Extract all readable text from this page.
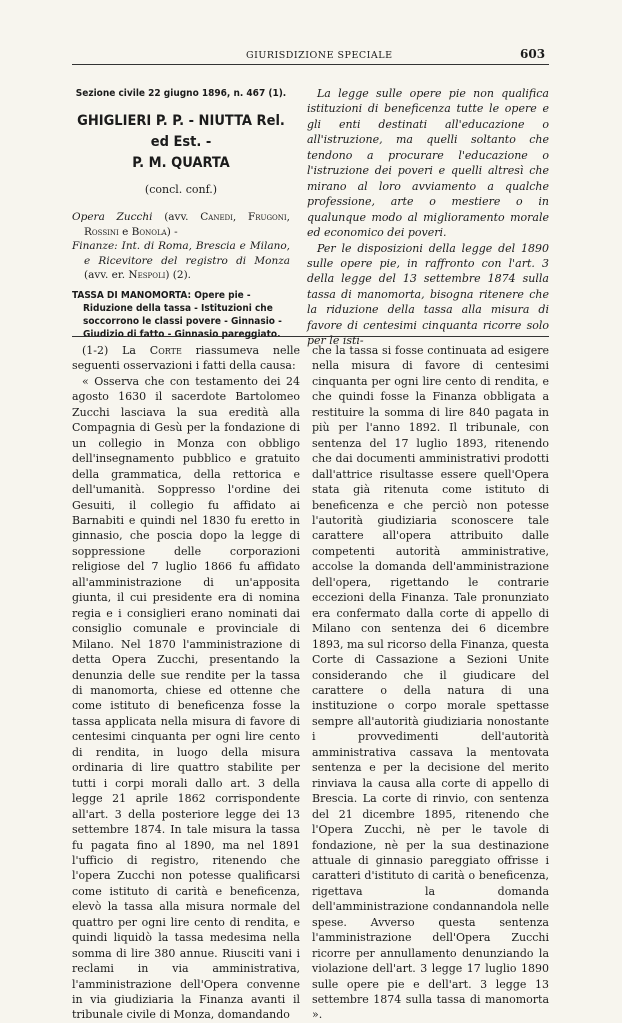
GIURISDIZIONE SPECIALE	603

Sezione civile 22 giugno 1896, n. 467 (1).

GHIGLIERI P. P. - NIUTTA Rel. ed Est. -
P. M. QUARTA

(concl. conf.)

Opera Zucchi (avv. Canedi, Frugoni, Rossini e Bonola) -

Finanze: Int. di Roma, Brescia e Milano, e Ricevitore del registro di Monza (avv. er. Nespoli) (2).

TASSA DI MANOMORTA: Opere pie - Riduzione della tassa - Istituzioni che soccorrono le classi povere - Ginnasio - Giudizio di fatto - Ginnasio pareggiato.

La legge sulle opere pie non qualifica istituzioni di beneficenza tutte le opere e gli enti destinati all'educazione o all'istruzione, ma quelli soltanto che tendono a procurare l'educazione o l'istruzione dei poveri e quelli altresì che mirano al loro avviamento a qualche professione, arte o mestiere o in qualunque modo al miglioramento morale ed economico dei poveri.

Per le disposizioni della legge del 1890 sulle opere pie, in raffronto con l'art. 3 della legge del 13 settembre 1874 sulla tassa di manomorta, bisogna ritenere che la riduzione della tassa alla misura di favore di centesimi cinquanta ricorre solo per le isti-

(1-2) La Corte riassumeva nelle seguenti osservazioni i fatti della causa:

« Osserva che con testamento dei 24 agosto 1630 il sacerdote Bartolomeo Zucchi lasciava la sua eredità alla Compagnia di Gesù per la fondazione di un collegio in Monza con obbligo dell'insegnamento pubblico e gratuito della grammatica, della rettorica e dell'umanità. Soppresso l'ordine dei Gesuiti, il collegio fu affidato ai Barnabiti e quindi nel 1830 fu eretto in ginnasio, che poscia dopo la legge di soppressione delle corporazioni religiose del 7 luglio 1866 fu affidato all'amministrazione di un'apposita giunta, il cui presidente era di nomina regia e i consiglieri erano nominati dai consiglio comunale e provinciale di Milano. Nel 1870 l'amministrazione di detta Opera Zucchi, presentando la denunzia delle sue rendite per la tassa di manomorta, chiese ed ottenne che come istituto di beneficenza fosse la tassa applicata nella misura di favore di centesimi cinquanta per ogni lire cento di rendita, in luogo della misura ordinaria di lire quattro stabilite per tutti i corpi morali dallo art. 3 della legge 21 aprile 1862 corrispondente all'art. 3 della posteriore legge dei 13 settembre 1874. In tale misura la tassa fu pagata fino al 1890, ma nel 1891 l'ufficio di registro, ritenendo che l'opera Zucchi non potesse qualificarsi come istituto di carità e beneficenza, elevò la tassa alla misura normale del quattro per ogni lire cento di rendita, e quindi liquidò la tassa medesima nella somma di lire 380 annue. Riusciti vani i reclami in via amministrativa, l'amministrazione dell'Opera convenne in via giudiziaria la Finanza avanti il tribunale civile di Monza, domandando

che la tassa si fosse continuata ad esigere nella misura di favore di centesimi cinquanta per ogni lire cento di rendita, e che quindi fosse la Finanza obbligata a restituire la somma di lire 840 pagata in più per l'anno 1892. Il tribunale, con sentenza del 17 luglio 1893, ritenendo che dai documenti amministrativi prodotti dall'attrice risultasse essere quell'Opera stata già ritenuta come istituto di beneficenza e che perciò non potesse l'autorità giudiziaria sconoscere tale carattere all'opera attribuito dalle competenti autorità amministrative, accolse la domanda dell'amministrazione dell'opera, rigettando le contrarie eccezioni della Finanza. Tale pronunziato era confermato dalla corte di appello di Milano con sentenza dei 6 dicembre 1893, ma sul ricorso della Finanza, questa Corte di Cassazione a Sezioni Unite considerando che il giudicare del carattere o della natura di una instituzione o corpo morale spettasse sempre all'autorità giudiziaria nonostante i provvedimenti dell'autorità amministrativa cassava la mentovata sentenza e per la decisione del merito rinviava la causa alla corte di appello di Brescia. La corte di rinvio, con sentenza del 21 dicembre 1895, ritenendo che l'Opera Zucchi, nè per le tavole di fondazione, nè per la sua destinazione attuale di ginnasio pareggiato offrisse i caratteri d'istituto di carità o beneficenza, rigettava la domanda dell'amministrazione condannandola nelle spese. Avverso questa sentenza l'amministrazione dell'Opera Zucchi ricorre per annullamento denunziando la violazione dell'art. 3 legge 17 luglio 1890 sulle opere pie e dell'art. 3 legge 13 settembre 1874 sulla tassa di manomorta ».
